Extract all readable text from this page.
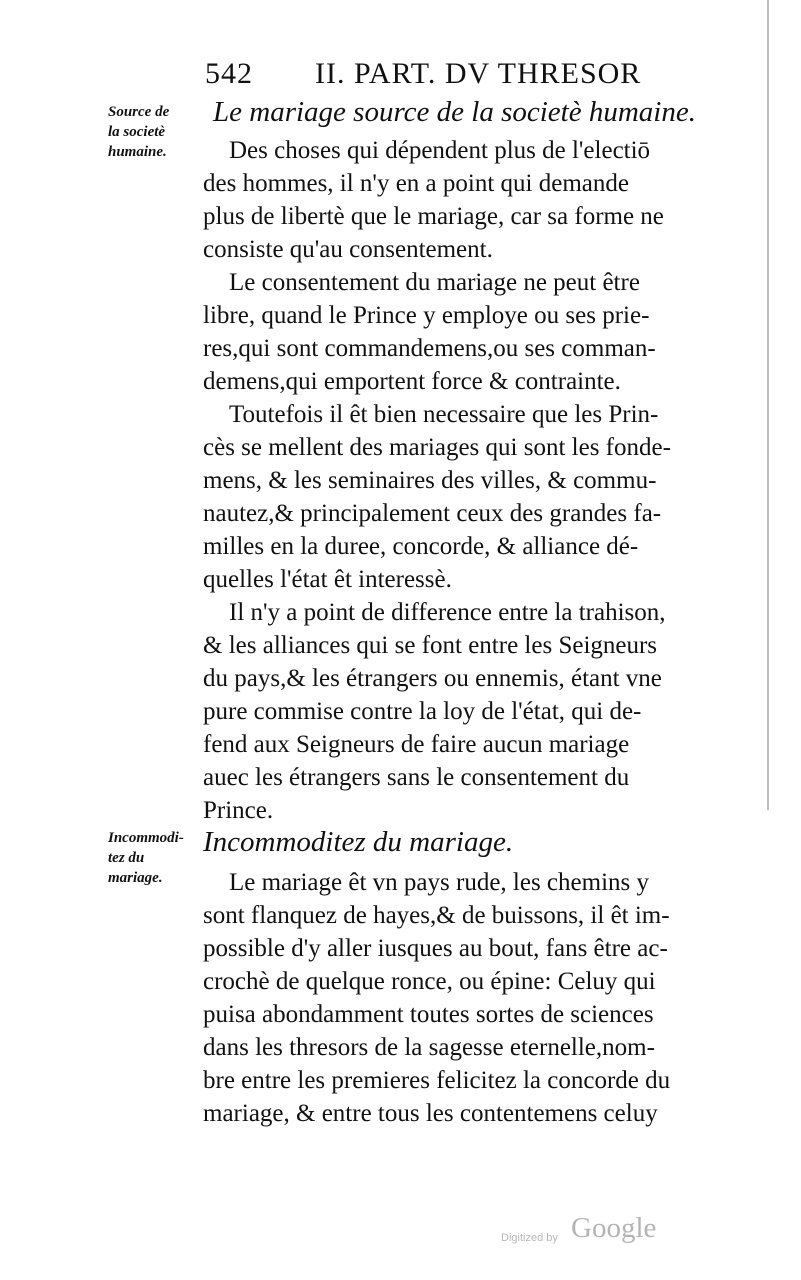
542 II. PART. DV THRESOR
Source de
la societè
humaine.
Le mariage source de la societè humaine.
Des choses qui dépendent plus de l'electiō
des hommes, il n'y en a point qui demande
plus de libertè que le mariage, car sa forme ne
consiste qu'au consentement.
Le consentement du mariage ne peut être
libre, quand le Prince y employe ou ses prie-
res,qui sont commandemens,ou ses comman-
demens,qui emportent force & contrainte.
Toutefois il êt bien necessaire que les Prin-
cès se mellent des mariages qui sont les fonde-
mens, & les seminaires des villes, & commu-
nautez,& principalement ceux des grandes fa-
milles en la duree, concorde, & alliance dé-
quelles l'état êt interessè.
Il n'y a point de difference entre la trahison,
& les alliances qui se font entre les Seigneurs
du pays,& les étrangers ou ennemis, étant vne
pure commise contre la loy de l'état, qui de-
fend aux Seigneurs de faire aucun mariage
auec les étrangers sans le consentement du
Prince.
Incommodi-
tez du
mariage.
Incommoditez du mariage.
Le mariage êt vn pays rude, les chemins y
sont flanquez de hayes,& de buissons, il êt im-
possible d'y aller iusques au bout, fans être ac-
crochè de quelque ronce, ou épine: Celuy qui
puisa abondamment toutes sortes de sciences
dans les thresors de la sagesse eternelle,nom-
bre entre les premieres felicitez la concorde du
mariage, & entre tous les contentemens celuy
Digitized by Google
